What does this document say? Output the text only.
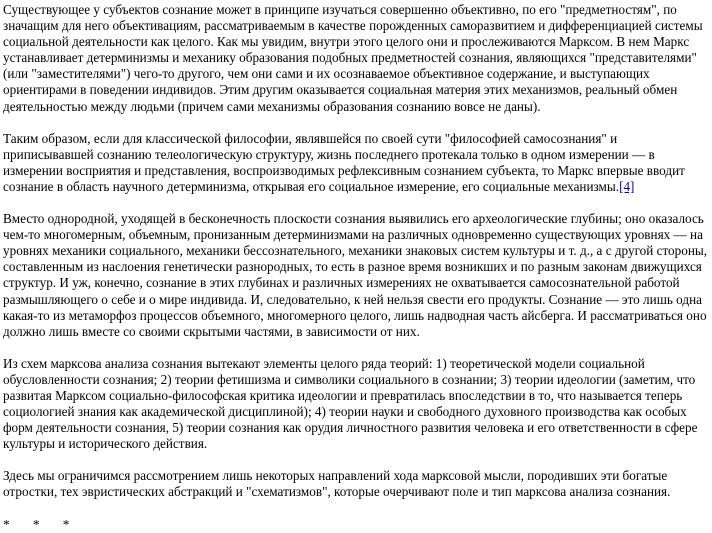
Существующее у субъектов сознание может в принципе изучаться совершенно объективно, по его "предметностям", по значащим для него объективациям, рассматриваемым в качестве порожденных саморазвитием и дифференциацией системы социальной деятельности как целого. Как мы увидим, внутри этого целого они и прослеживаются Марксом. В нем Маркс устанавливает детерминизмы и механику образования подобных предметностей сознания, являющихся "представителями" (или "заместителями") чего-то другого, чем они сами и их осознаваемое объективное содержание, и выступающих ориентирами в поведении индивидов. Этим другим оказывается социальная материя этих механизмов, реальный обмен деятельностью между людьми (причем сами механизмы образования сознанию вовсе не даны).

Таким образом, если для классической философии, являвшейся по своей сути "философией самосознания" и приписывавшей сознанию телеологическую структуру, жизнь последнего протекала только в одном измерении — в измерении восприятия и представления, воспроизводимых рефлексивным сознанием субъекта, то Маркс впервые вводит сознание в область научного детерминизма, открывая его социальное измерение, его социальные механизмы.[4]

Вместо однородной, уходящей в бесконечность плоскости сознания выявились его археологические глубины; оно оказалось чем-то многомерным, объемным, пронизанным детерминизмами на различных одновременно существующих уровнях — на уровнях механики социального, механики бессознательного, механики знаковых систем культуры и т. д., а с другой стороны, составленным из наслоения генетически разнородных, то есть в разное время возникших и по разным законам движущихся структур. И уж, конечно, сознание в этих глубинах и различных измерениях не охватывается самосознательной работой размышляющего о себе и о мире индивида. И, следовательно, к ней нельзя свести его продукты. Сознание — это лишь одна какая-то из метаморфоз процессов объемного, многомерного целого, лишь надводная часть айсберга. И рассматриваться оно должно лишь вместе со своими скрытыми частями, в зависимости от них.

Из схем марксова анализа сознания вытекают элементы целого ряда теорий: 1) теоретической модели социальной обусловленности сознания; 2) теории фетишизма и символики социального в сознании; 3) теории идеологии (заметим, что развитая Марксом социально-философская критика идеологии и превратилась впоследствии в то, что называется теперь социологией знания как академической дисциплиной); 4) теории науки и свободного духовного производства как особых форм деятельности сознания, 5) теории сознания как орудия личностного развития человека и его ответственности в сфере культуры и исторического действия.

Здесь мы ограничимся рассмотрением лишь некоторых направлений хода марксовой мысли, породивших эти богатые отростки, тех эвристических абстракций и "схематизмов", которые очерчивают поле и тип марксова анализа сознания.

* * *
